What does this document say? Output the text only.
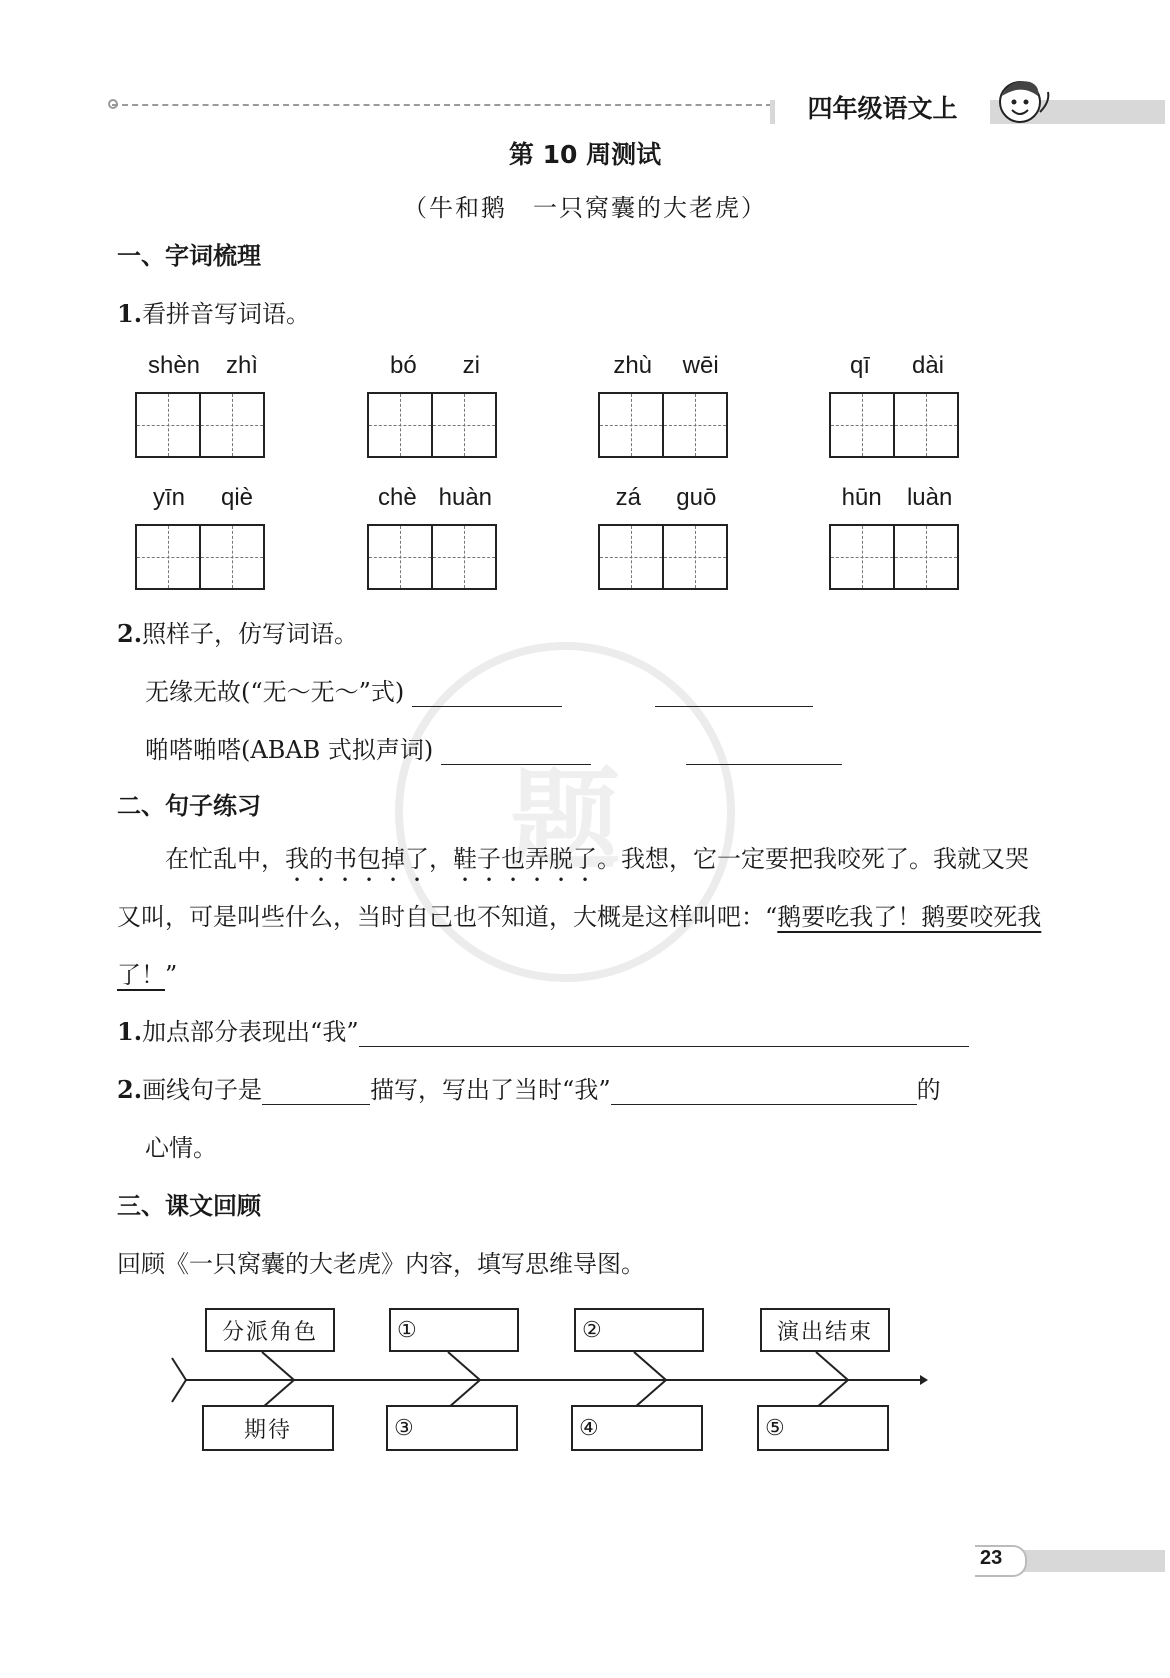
四年级语文上
题
第 10 周测试
（牛和鹅　一只窝囊的大老虎）
一、字词梳理
1.看拼音写词语。
shèn zhì	bó zi	zhù wēi	qī dài
yīn qiè	chè huàn	zá guō	hūn luàn
2.照样子，仿写词语。
无缘无故(“无～无～”式)
啪嗒啪嗒(ABAB 式拟声词)
二、句子练习
在忙乱中，我的书包掉了，鞋子也弄脱了。我想，它一定要把我咬死了。我就又哭又叫，可是叫些什么，当时自己也不知道，大概是这样叫吧：“鹅要吃我了！鹅要咬死我了！”
1.加点部分表现出“我”
2.画线句子是	描写，写出了当时“我”	的
心情。
三、课文回顾
回顾《一只窝囊的大老虎》内容，填写思维导图。
分派角色	①	②	演出结束
期待	③	④	⑤
23
